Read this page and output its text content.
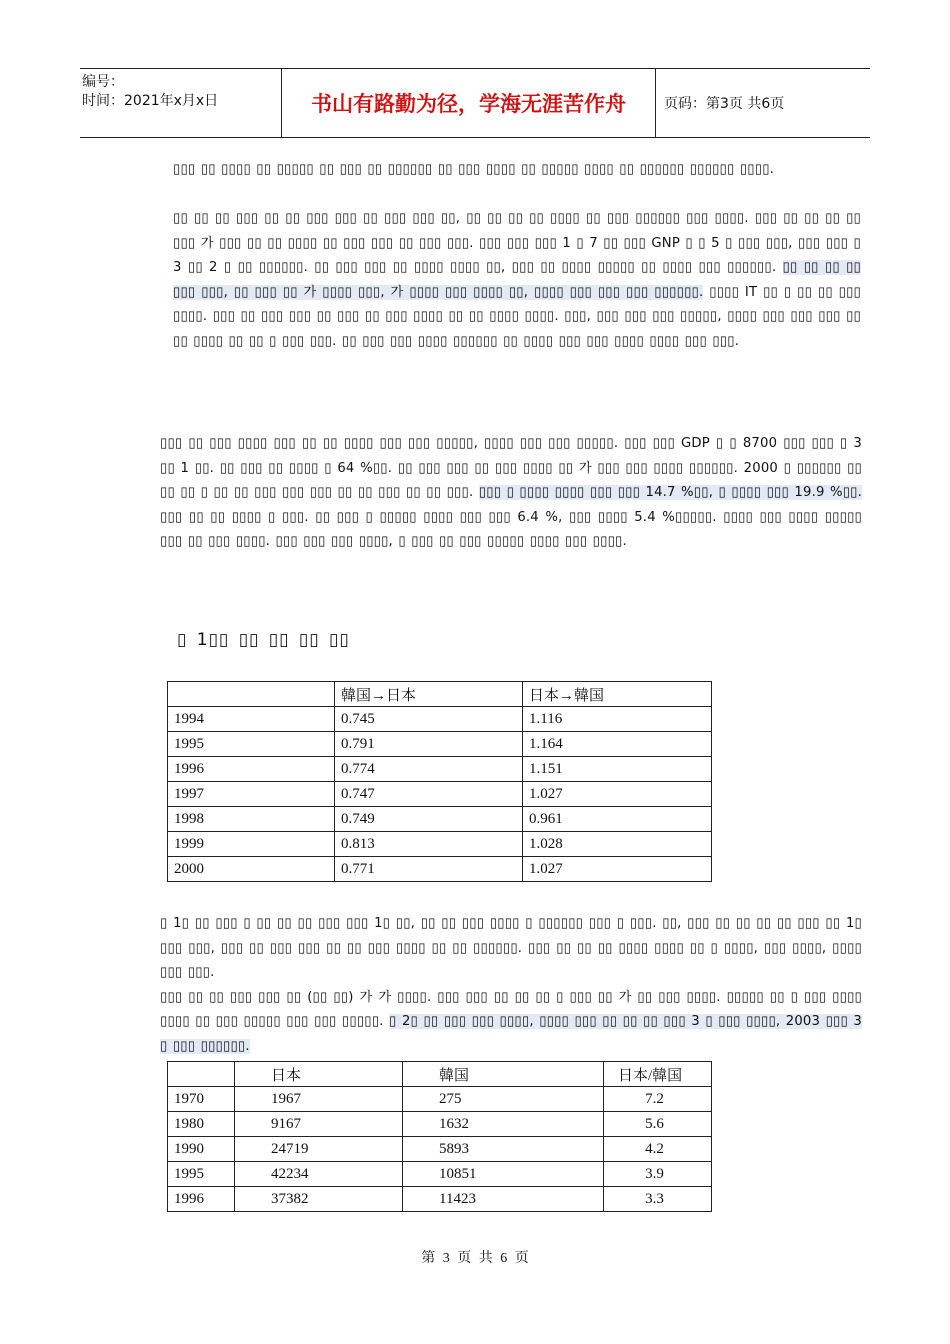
编号：
时间：2021年x月x日	书山有路勤为径，学海无涯苦作舟	页码：第3页 共6页
▯▯▯ ▯▯ ▯▯▯▯ ▯▯ ▯▯▯▯▯ ▯▯ ▯▯▯ ▯▯ ▯▯▯▯▯▯ ▯▯ ▯▯▯ ▯▯▯▯ ▯▯ ▯▯▯▯▯ ▯▯▯▯ ▯▯ ▯▯▯▯▯▯ ▯▯▯▯▯▯ ▯▯▯▯.
▯▯ ▯▯ ▯▯ ▯▯▯ ▯▯ ▯▯ ▯▯▯ ▯▯▯ ▯▯ ▯▯▯ ▯▯▯ ▯▯, ▯▯ ▯▯ ▯▯ ▯▯ ▯▯▯▯ ▯▯ ▯▯▯ ▯▯▯▯▯▯ ▯▯▯ ▯▯▯▯. ▯▯▯ ▯▯ ▯▯ ▯▯ ▯▯ ▯▯▯ 가 ▯▯▯ ▯▯ ▯▯ ▯▯▯▯ ▯▯ ▯▯▯ ▯▯▯ ▯▯ ▯▯▯ ▯▯▯. ▯▯▯ ▯▯▯ ▯▯▯ 1 ▯ 7 ▯▯ ▯▯▯ GNP ▯ ▯ 5 ▯ ▯▯▯ ▯▯▯, ▯▯▯ ▯▯▯ ▯ 3 ▯▯ 2 ▯ ▯▯ ▯▯▯▯▯▯. ▯▯ ▯▯▯ ▯▯▯ ▯▯ ▯▯▯▯ ▯▯▯▯ ▯▯, ▯▯▯ ▯▯ ▯▯▯▯ ▯▯▯▯▯ ▯▯ ▯▯▯▯ ▯▯▯ ▯▯▯▯▯▯. ▯▯ ▯▯ ▯▯ ▯▯ ▯▯▯ ▯▯▯, ▯▯ ▯▯▯ ▯▯ 가 ▯▯▯▯ ▯▯▯, 가 ▯▯▯▯ ▯▯▯ ▯▯▯▯ ▯▯, ▯▯▯▯ ▯▯▯ ▯▯▯ ▯▯▯ ▯▯▯▯▯▯. ▯▯▯▯ IT ▯▯ ▯ ▯▯ ▯▯ ▯▯▯ ▯▯▯▯. ▯▯▯ ▯▯ ▯▯▯ ▯▯▯ ▯▯ ▯▯▯ ▯▯ ▯▯▯ ▯▯▯▯ ▯▯ ▯▯ ▯▯▯▯ ▯▯▯▯. ▯▯▯, ▯▯▯ ▯▯▯ ▯▯▯ ▯▯▯▯▯, ▯▯▯▯ ▯▯▯ ▯▯▯ ▯▯▯ ▯▯ ▯▯ ▯▯▯▯ ▯▯ ▯▯ ▯ ▯▯▯ ▯▯▯. ▯▯ ▯▯▯ ▯▯▯ ▯▯▯▯ ▯▯▯▯▯▯ ▯▯ ▯▯▯▯ ▯▯▯ ▯▯▯ ▯▯▯▯ ▯▯▯▯ ▯▯▯ ▯▯▯.
▯▯▯ ▯▯ ▯▯▯ ▯▯▯▯ ▯▯▯ ▯▯ ▯▯ ▯▯▯▯ ▯▯▯ ▯▯▯ ▯▯▯▯▯, ▯▯▯▯ ▯▯▯ ▯▯▯ ▯▯▯▯▯. ▯▯▯ ▯▯▯ GDP ▯ ▯ 8700 ▯▯▯ ▯▯▯ ▯ 3 ▯▯ 1 ▯▯. ▯▯ ▯▯▯ ▯▯ ▯▯▯▯ ▯ 64 %▯▯. ▯▯ ▯▯▯ ▯▯▯ ▯▯ ▯▯▯ ▯▯▯▯ ▯▯ 가 ▯▯▯ ▯▯▯ ▯▯▯▯ ▯▯▯▯▯▯. 2000 ▯ ▯▯▯▯▯▯ ▯▯ ▯▯ ▯▯ ▯ ▯▯ ▯▯ ▯▯▯ ▯▯▯ ▯▯▯ ▯▯ ▯▯ ▯▯▯ ▯▯ ▯▯ ▯▯▯. ▯▯▯ ▯ ▯▯▯▯ ▯▯▯▯ ▯▯▯ ▯▯▯ 14.7 %▯▯, ▯ ▯▯▯▯ ▯▯▯ 19.9 %▯▯. ▯▯▯ ▯▯ ▯▯ ▯▯▯▯ ▯ ▯▯▯. ▯▯ ▯▯▯ ▯ ▯▯▯▯▯ ▯▯▯▯ ▯▯▯ ▯▯▯ 6.4 %, ▯▯▯ ▯▯▯▯ 5.4 %▯▯▯▯▯. ▯▯▯▯ ▯▯▯ ▯▯▯▯ ▯▯▯▯▯ ▯▯▯ ▯▯ ▯▯▯ ▯▯▯▯. ▯▯▯ ▯▯▯ ▯▯▯ ▯▯▯▯, ▯ ▯▯▯ ▯▯ ▯▯▯ ▯▯▯▯▯ ▯▯▯▯ ▯▯▯ ▯▯▯▯.
▯ 1▯▯ ▯▯ ▯▯ ▯▯ ▯▯
	韓国→日本	日本→韓国
1994	0.745	1.116
1995	0.791	1.164
1996	0.774	1.151
1997	0.747	1.027
1998	0.749	0.961
1999	0.813	1.028
2000	0.771	1.027
▯ 1▯ ▯▯ ▯▯▯ ▯ ▯▯ ▯▯ ▯▯ ▯▯▯ ▯▯▯ 1▯ ▯▯, ▯▯ ▯▯ ▯▯▯ ▯▯▯▯ ▯ ▯▯▯▯▯▯ ▯▯▯ ▯ ▯▯▯. ▯▯, ▯▯▯ ▯▯ ▯▯ ▯▯ ▯▯ ▯▯▯ ▯▯ 1▯ ▯▯▯ ▯▯▯, ▯▯▯ ▯▯ ▯▯▯ ▯▯▯ ▯▯ ▯▯ ▯▯▯ ▯▯▯▯ ▯▯ ▯▯ ▯▯▯▯▯▯. ▯▯▯ ▯▯ ▯▯ ▯▯ ▯▯▯▯ ▯▯▯▯ ▯▯ ▯ ▯▯▯▯, ▯▯▯ ▯▯▯▯, ▯▯▯▯ ▯▯▯ ▯▯▯.
▯▯▯ ▯▯ ▯▯ ▯▯▯ ▯▯▯ ▯▯ (▯▯ ▯▯) 가 가 ▯▯▯▯. ▯▯▯ ▯▯▯ ▯▯ ▯▯ ▯▯ ▯ ▯▯▯ ▯▯ 가 ▯▯ ▯▯▯ ▯▯▯▯. ▯▯▯▯▯ ▯▯ ▯ ▯▯▯ ▯▯▯▯ ▯▯▯▯ ▯▯ ▯▯▯ ▯▯▯▯▯ ▯▯▯ ▯▯▯ ▯▯▯▯▯. ▯ 2▯ ▯▯ ▯▯▯ ▯▯▯ ▯▯▯▯, ▯▯▯▯ ▯▯▯ ▯▯ ▯▯ ▯▯ ▯▯▯ 3 ▯ ▯▯▯ ▯▯▯▯, 2003 ▯▯▯ 3 ▯ ▯▯▯ ▯▯▯▯▯▯.
	日本	韓国	日本/韓国
1970	1967	275	7.2
1980	9167	1632	5.6
1990	24719	5893	4.2
1995	42234	10851	3.9
1996	37382	11423	3.3
第 3 页 共 6 页
